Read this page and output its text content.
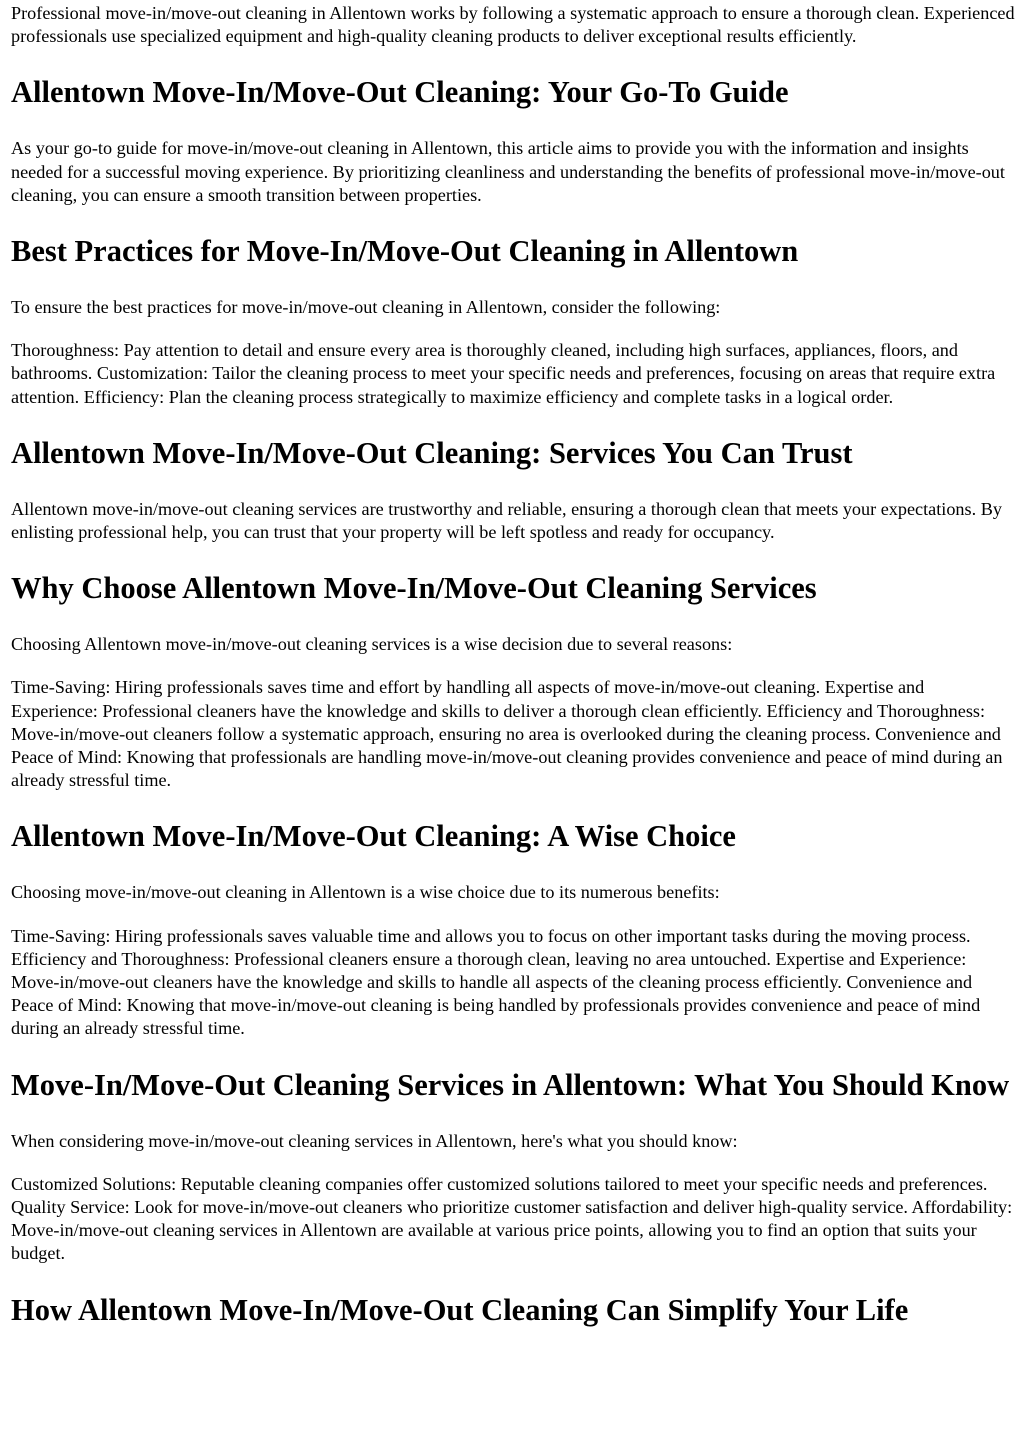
Professional move-in/move-out cleaning in Allentown works by following a systematic approach to ensure a thorough clean. Experienced professionals use specialized equipment and high-quality cleaning products to deliver exceptional results efficiently.

Allentown Move-In/Move-Out Cleaning: Your Go-To Guide

As your go-to guide for move-in/move-out cleaning in Allentown, this article aims to provide you with the information and insights needed for a successful moving experience. By prioritizing cleanliness and understanding the benefits of professional move-in/move-out cleaning, you can ensure a smooth transition between properties.

Best Practices for Move-In/Move-Out Cleaning in Allentown

To ensure the best practices for move-in/move-out cleaning in Allentown, consider the following:

Thoroughness: Pay attention to detail and ensure every area is thoroughly cleaned, including high surfaces, appliances, floors, and bathrooms. Customization: Tailor the cleaning process to meet your specific needs and preferences, focusing on areas that require extra attention. Efficiency: Plan the cleaning process strategically to maximize efficiency and complete tasks in a logical order.

Allentown Move-In/Move-Out Cleaning: Services You Can Trust

Allentown move-in/move-out cleaning services are trustworthy and reliable, ensuring a thorough clean that meets your expectations. By enlisting professional help, you can trust that your property will be left spotless and ready for occupancy.

Why Choose Allentown Move-In/Move-Out Cleaning Services

Choosing Allentown move-in/move-out cleaning services is a wise decision due to several reasons:

Time-Saving: Hiring professionals saves time and effort by handling all aspects of move-in/move-out cleaning. Expertise and Experience: Professional cleaners have the knowledge and skills to deliver a thorough clean efficiently. Efficiency and Thoroughness: Move-in/move-out cleaners follow a systematic approach, ensuring no area is overlooked during the cleaning process. Convenience and Peace of Mind: Knowing that professionals are handling move-in/move-out cleaning provides convenience and peace of mind during an already stressful time.

Allentown Move-In/Move-Out Cleaning: A Wise Choice

Choosing move-in/move-out cleaning in Allentown is a wise choice due to its numerous benefits:

Time-Saving: Hiring professionals saves valuable time and allows you to focus on other important tasks during the moving process. Efficiency and Thoroughness: Professional cleaners ensure a thorough clean, leaving no area untouched. Expertise and Experience: Move-in/move-out cleaners have the knowledge and skills to handle all aspects of the cleaning process efficiently. Convenience and Peace of Mind: Knowing that move-in/move-out cleaning is being handled by professionals provides convenience and peace of mind during an already stressful time.

Move-In/Move-Out Cleaning Services in Allentown: What You Should Know

When considering move-in/move-out cleaning services in Allentown, here's what you should know:

Customized Solutions: Reputable cleaning companies offer customized solutions tailored to meet your specific needs and preferences. Quality Service: Look for move-in/move-out cleaners who prioritize customer satisfaction and deliver high-quality service. Affordability: Move-in/move-out cleaning services in Allentown are available at various price points, allowing you to find an option that suits your budget.

How Allentown Move-In/Move-Out Cleaning Can Simplify Your Life
